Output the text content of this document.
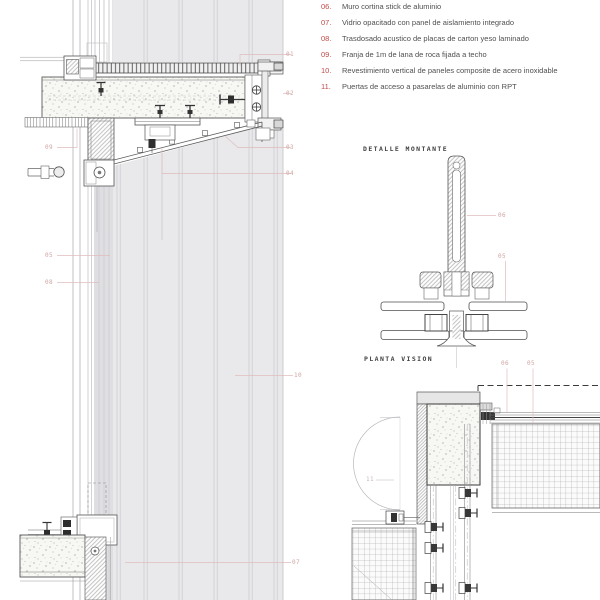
DETALLE MONTANTE
PLANTA VISION
01
02
03
04
09
05
08
10
07
06
05
06	05
11
06.	Muro cortina stick de aluminio
07.	Vidrio opacitado con panel de aislamiento integrado
08.	Trasdosado acustico de placas de carton yeso laminado
09.	Franja de 1m de lana de roca fijada a techo
10.	Revestimiento vertical de paneles composite de acero inoxidable
11.	Puertas de acceso a pasarelas de aluminio con RPT
